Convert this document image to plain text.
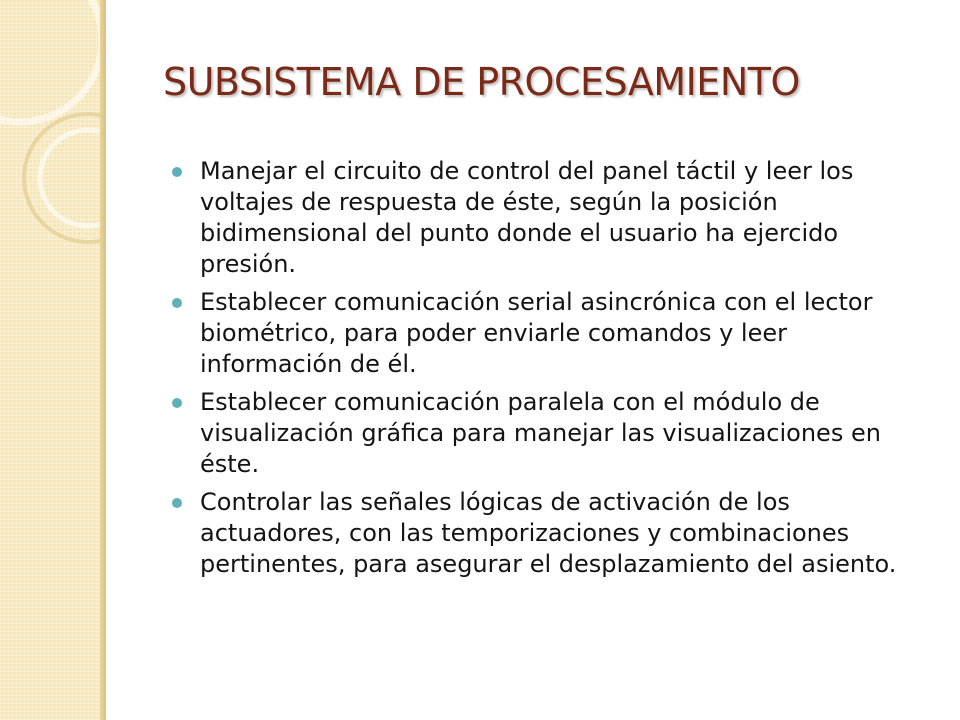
SUBSISTEMA DE PROCESAMIENTO
Manejar el circuito de control del panel táctil y leer los voltajes de respuesta de éste, según la posición bidimensional del punto donde el usuario ha ejercido presión.
Establecer comunicación serial asincrónica con el lector biométrico, para poder enviarle comandos y leer información de él.
Establecer comunicación paralela con el módulo de visualización gráfica para manejar las visualizaciones en éste.
Controlar las señales lógicas de activación de los actuadores, con las temporizaciones y combinaciones pertinentes, para asegurar el desplazamiento del asiento.
